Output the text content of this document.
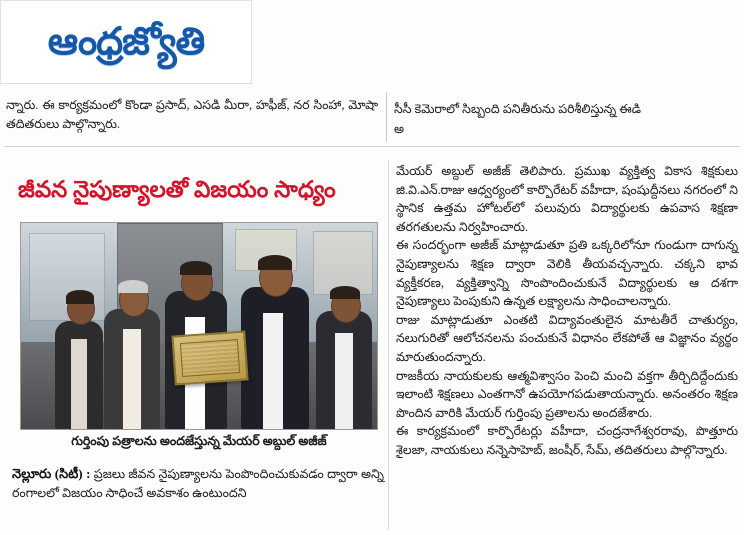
ఆంధ్రజ్యోతి
న్నారు. ఈ కార్యక్రమంలో కొండా ప్రసాద్, ఎసడి మీరా, హఫీజ్, నర సింహా, మోషా తదితరులు పాల్గొన్నారు.
సీసీ కెమెరాలో సిబ్బంది పనితీరును పరిశీలిస్తున్న ఈడి
అ
జీవన నైపుణ్యాలతో విజయం సాధ్యం
గుర్తింపు పత్రాలను అందజేస్తున్న మేయర్ అబ్దుల్ అజీజ్
నెల్లూరు (సిటీ) : ప్రజలు జీవన నైపుణ్యాలను పెంపొందించుకువడం ద్వారా అన్ని రంగాలలో విజయం సాధించే అవకాశం ఉంటుందని

మేయర్ అబ్దుల్ అజీజ్ తెలిపారు. ప్రముఖ వ్యక్తిత్వ వికాస శిక్షకులు జి.వి.ఎన్.రాజు ఆధ్వర్యంలో కార్పొరేటర్ వహీదా, షంషుద్దీనలు నగరంలో ని స్థానిక ఉత్తమ హోటల్‌లో పలువురు విద్యార్థులకు ఉపవాస శిక్షణా తరగతులను నిర్వహించారు.

ఈ సందర్భంగా అజీజ్ మాట్లాడుతూ ప్రతి ఒక్కరిలోనూ గుండుగా దాగున్న నైపుణ్యాలను శిక్షణ ద్వారా వెలికి తీయవచ్చన్నారు. చక్కని భావ వ్యక్తీకరణ, వ్యక్తిత్వాన్ని సొంపొందించుకునే విద్యార్థులకు ఆ దశగా నైపుణ్యాలు పెంపుకుని ఉన్నత లక్ష్యాలను సాధించాలన్నారు.

రాజు మాట్లాడుతూ ఎంతటి విద్యావంతులైన మాటతీరే చాతుర్యం, నలుగురితో ఆలోచనలను పంచుకునే విధానం లేకపోతే ఆ విజ్ఞానం వ్యర్థం మారుతుందన్నారు.

రాజకీయ నాయకులకు ఆత్మవిశ్వాసం పెంచి మంచి వక్తగా తీర్చిదిద్దేందుకు ఇలాంటి శిక్షణలు ఎంతగానో ఉపయోగపడుతాయన్నారు. అనంతరం శిక్షణ పొందిన వారికి మేయర్ గుర్తింపు ప్రతాలను అందజేశారు.

ఈ కార్యక్రమంలో కార్పొరేటర్లు వహీదా, చంద్రనాగేశ్వరరావు, పొత్తూరు శైలజా, నాయకులు నన్నెసాహెబ్, జంషీర్, సేమ్, తదితరులు పాల్గొన్నారు.
